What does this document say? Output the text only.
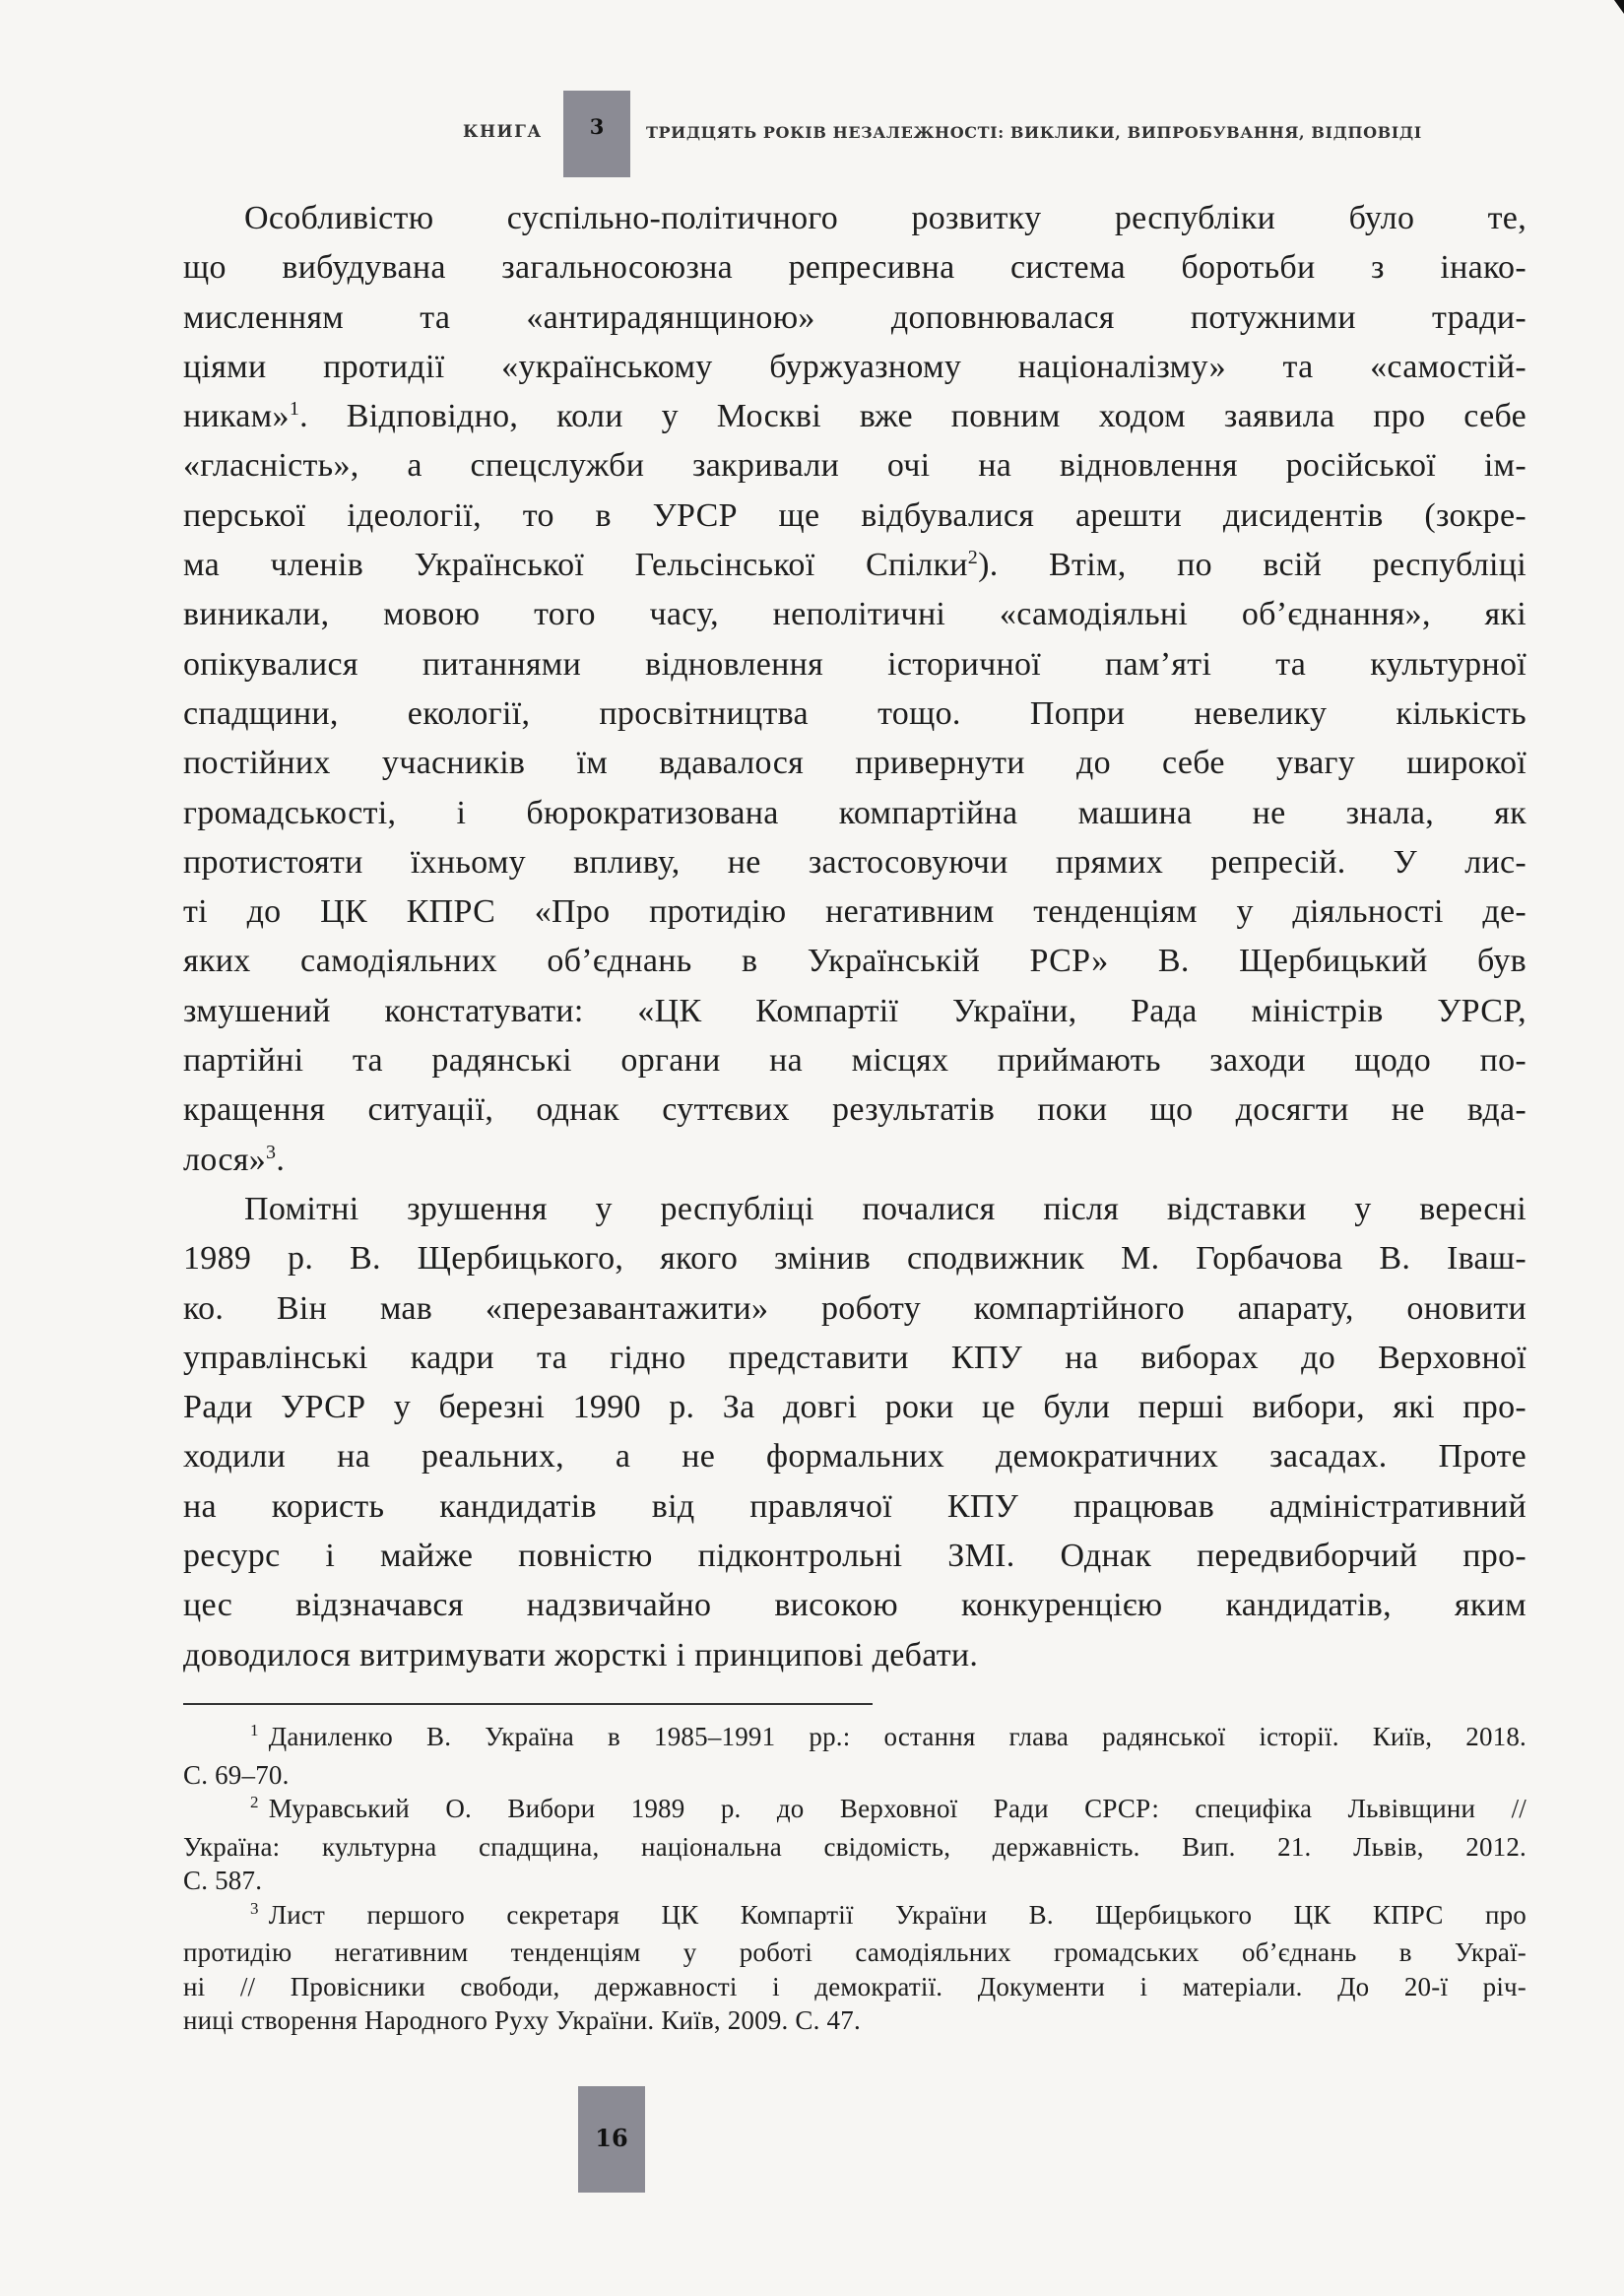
КНИГА 3	ТРИДЦЯТЬ РОКІВ НЕЗАЛЕЖНОСТІ: ВИКЛИКИ, ВИПРОБУВАННЯ, ВІДПОВІДІ
Особливістю суспільно-політичного розвитку республіки було те,
що вибудувана загальносоюзна репресивна система боротьби з інако-
мисленням та «антирадянщиною» доповнювалася потужними тради-
ціями протидії «українському буржуазному націоналізму» та «самостій-
никам»$^1$. Відповідно, коли у Москві вже повним ходом заявила про себе
«гласність», а спецслужби закривали очі на відновлення російської ім-
перської ідеології, то в УРСР ще відбувалися арешти дисидентів (зокре-
ма членів Української Гельсінської Спілки$^2$). Втім, по всій республіці
виникали, мовою того часу, неполітичні «самодіяльні об’єднання», які
опікувалися питаннями відновлення історичної пам’яті та культурної
спадщини, екології, просвітництва тощо. Попри невелику кількість
постійних учасників їм вдавалося привернути до себе увагу широкої
громадськості, і бюрократизована компартійна машина не знала, як
протистояти їхньому впливу, не застосовуючи прямих репресій. У лис-
ті до ЦК КПРС «Про протидію негативним тенденціям у діяльності де-
яких самодіяльних об’єднань в Українській РСР» В. Щербицький був
змушений констатувати: «ЦК Компартії України, Рада міністрів УРСР,
партійні та радянські органи на місцях приймають заходи щодо по-
кращення ситуації, однак суттєвих результатів поки що досягти не вда-
лося»$^3$.
Помітні зрушення у республіці почалися після відставки у вересні
1989 р. В. Щербицького, якого змінив сподвижник М. Горбачова В. Іваш-
ко. Він мав «перезавантажити» роботу компартійного апарату, оновити
управлінські кадри та гідно представити КПУ на виборах до Верховної
Ради УРСР у березні 1990 р. За довгі роки це були перші вибори, які про-
ходили на реальних, а не формальних демократичних засадах. Проте
на користь кандидатів від правлячої КПУ працював адміністративний
ресурс і майже повністю підконтрольні ЗМІ. Однак передвиборчий про-
цес відзначався надзвичайно високою конкуренцією кандидатів, яким
доводилося витримувати жорсткі і принципові дебати.
$^1$ Даниленко В. Україна в 1985–1991 рр.: остання глава радянської історії. Київ, 2018.
С. 69–70.
$^2$ Муравський О. Вибори 1989 р. до Верховної Ради СРСР: специфіка Львівщини //
Україна: культурна спадщина, національна свідомість, державність. Вип. 21. Львів, 2012.
С. 587.
$^3$ Лист першого секретаря ЦК Компартії України В. Щербицького ЦК КПРС про
протидію негативним тенденціям у роботі самодіяльних громадських об’єднань в Украї-
ні // Провісники свободи, державності і демократії. Документи і матеріали. До 20-ї річ-
ниці створення Народного Руху України. Київ, 2009. С. 47.
16
